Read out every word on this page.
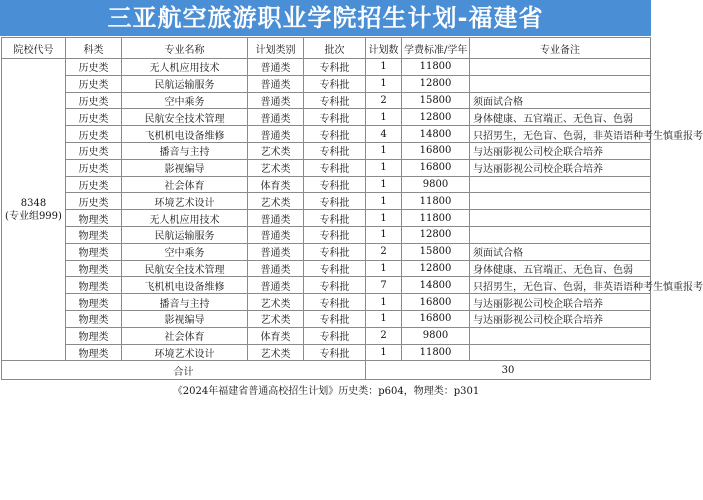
三亚航空旅游职业学院招生计划-福建省
院校代号	科类	专业名称	计划类别	批次	计划数	学费标准/学年	专业备注

8348
(专业组999)	历史类	无人机应用技术	普通类	专科批	1	11800	
	历史类	民航运输服务	普通类	专科批	1	12800	
	历史类	空中乘务	普通类	专科批	2	15800	须面试合格
	历史类	民航安全技术管理	普通类	专科批	1	12800	身体健康、五官端正、无色盲、色弱
	历史类	飞机机电设备维修	普通类	专科批	4	14800	只招男生，无色盲、色弱，非英语语种考生慎重报考
	历史类	播音与主持	艺术类	专科批	1	16800	与达丽影视公司校企联合培养
	历史类	影视编导	艺术类	专科批	1	16800	与达丽影视公司校企联合培养
	历史类	社会体育	体育类	专科批	1	9800	
	历史类	环境艺术设计	艺术类	专科批	1	11800	
	物理类	无人机应用技术	普通类	专科批	1	11800	
	物理类	民航运输服务	普通类	专科批	1	12800	
	物理类	空中乘务	普通类	专科批	2	15800	须面试合格
	物理类	民航安全技术管理	普通类	专科批	1	12800	身体健康、五官端正、无色盲、色弱
	物理类	飞机机电设备维修	普通类	专科批	7	14800	只招男生，无色盲、色弱，非英语语种考生慎重报考
	物理类	播音与主持	艺术类	专科批	1	16800	与达丽影视公司校企联合培养
	物理类	影视编导	艺术类	专科批	1	16800	与达丽影视公司校企联合培养
	物理类	社会体育	体育类	专科批	2	9800	
	物理类	环境艺术设计	艺术类	专科批	1	11800	
合计					30		
《2024年福建省普通高校招生计划》历史类：p604，物理类：p301							
